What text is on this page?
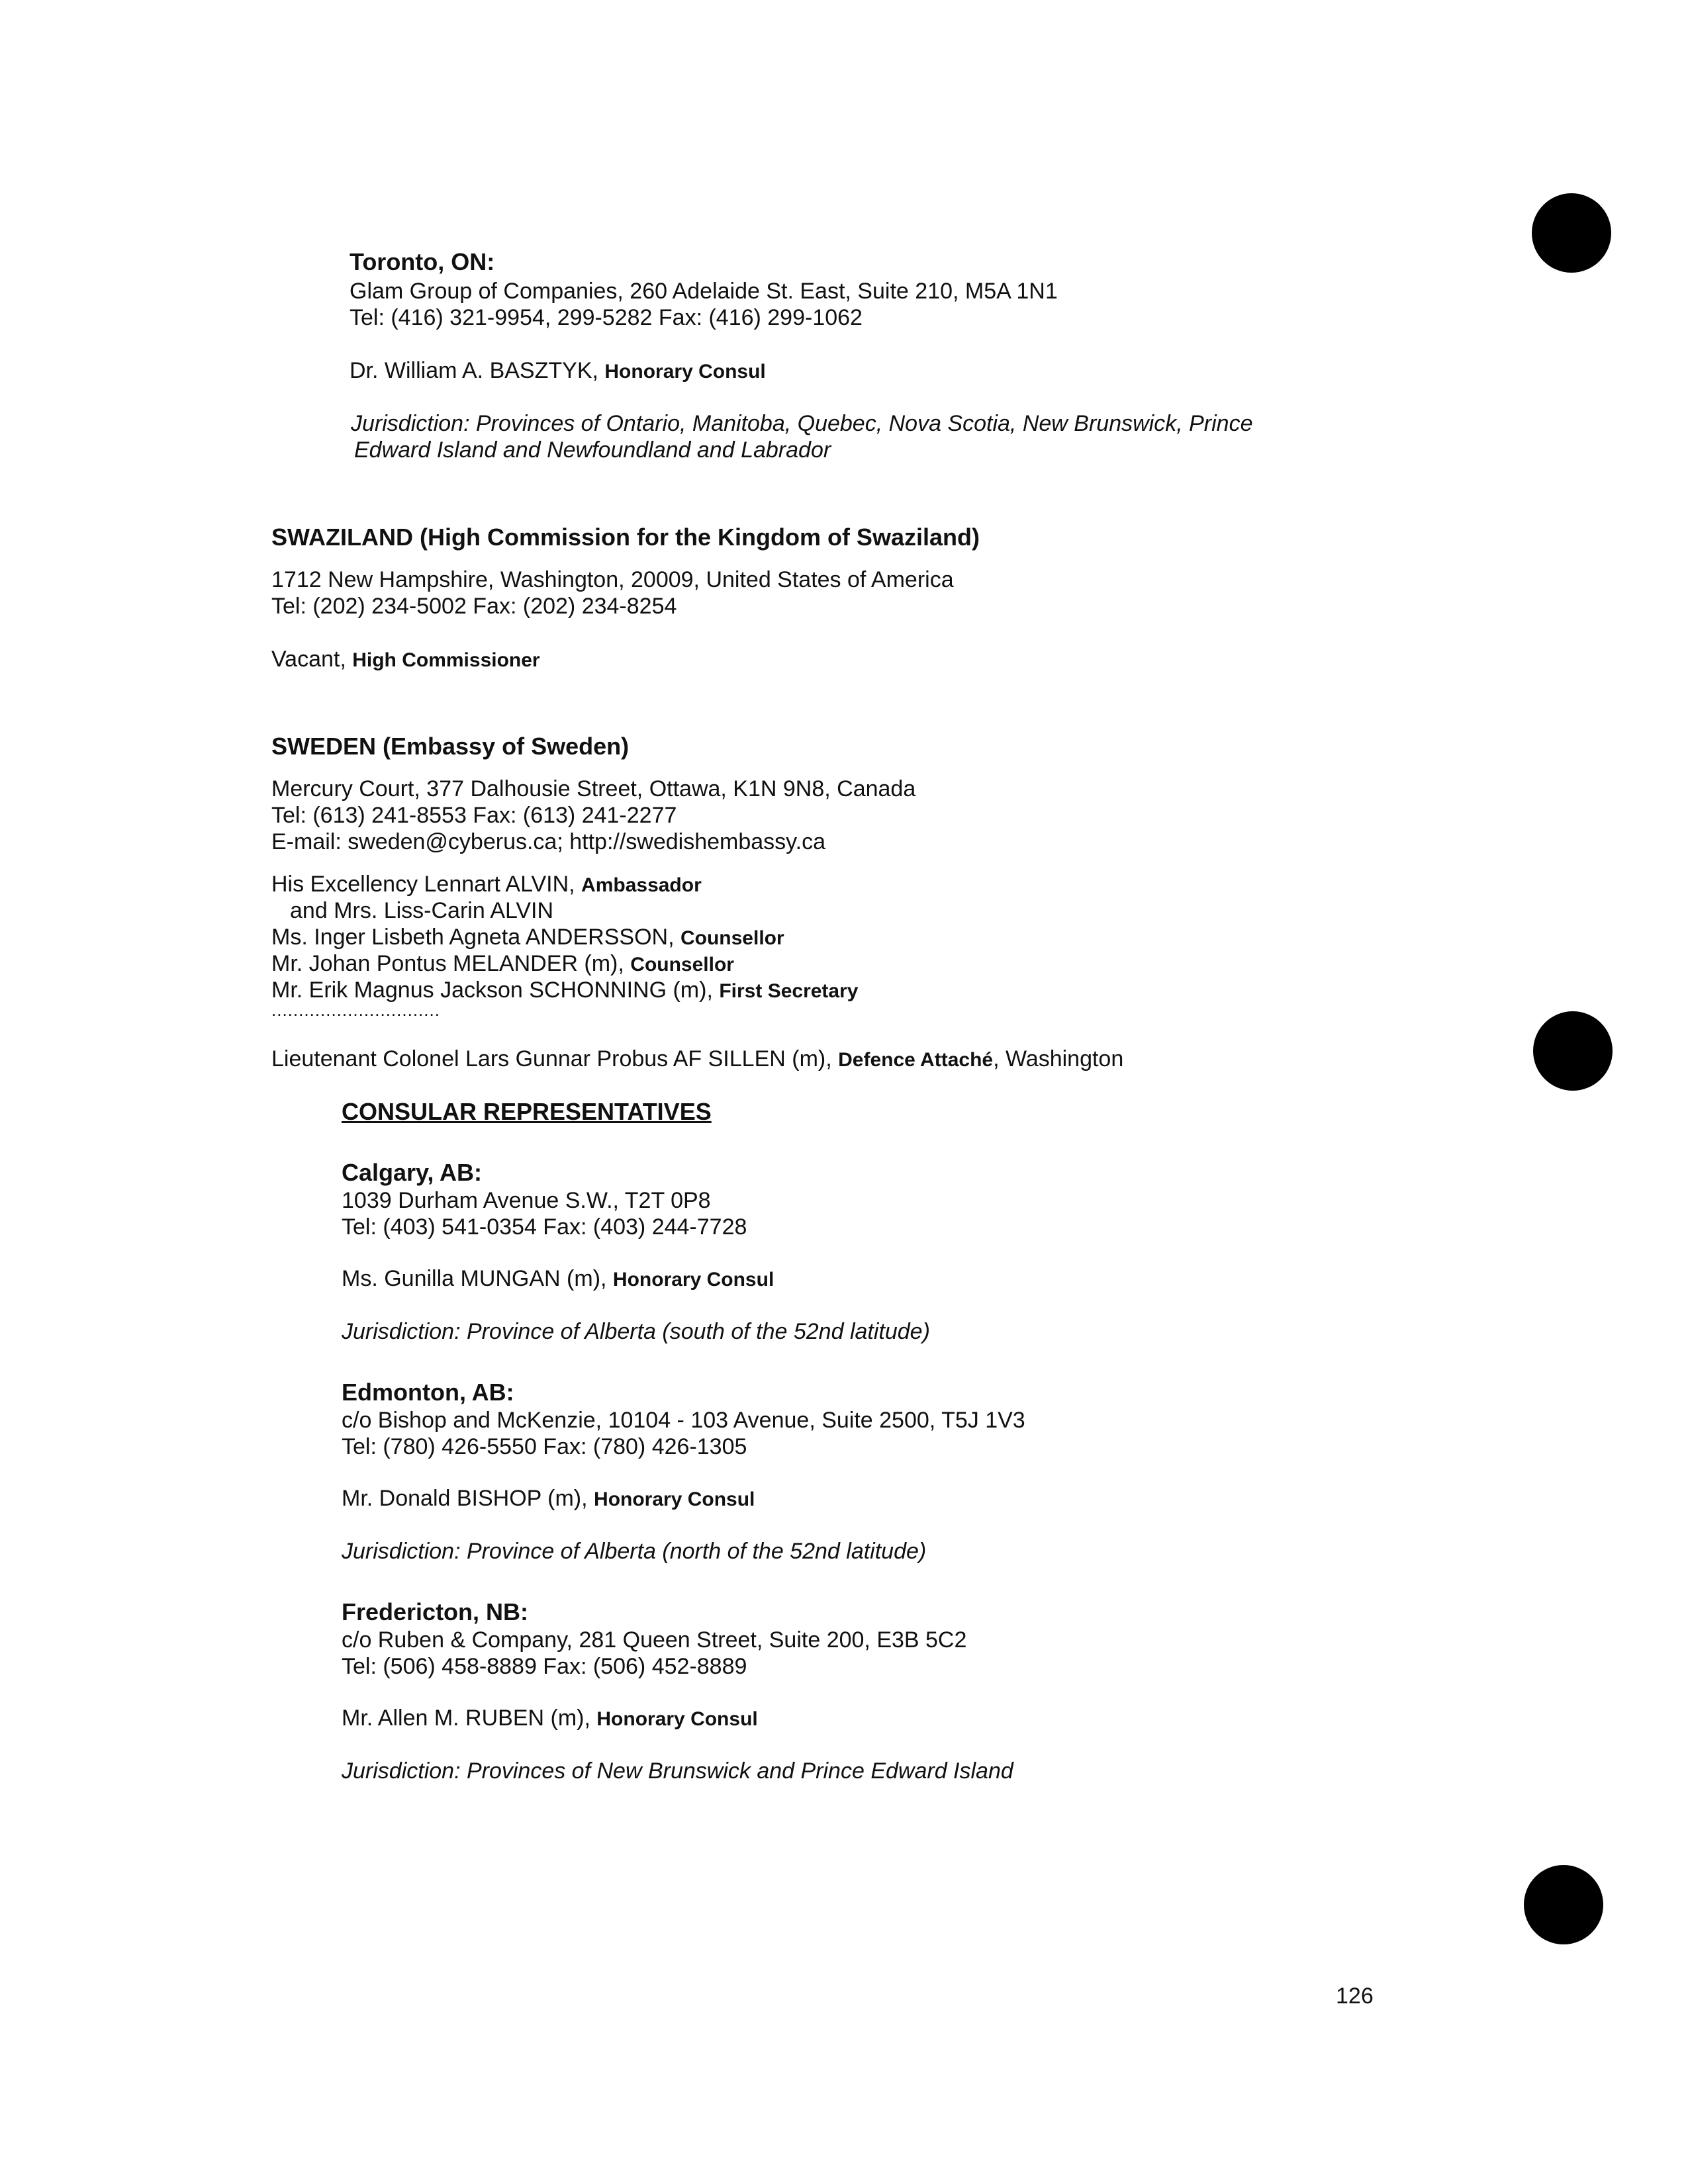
Toronto, ON:
Glam Group of Companies, 260 Adelaide St. East, Suite 210, M5A 1N1
Tel: (416) 321-9954, 299-5282 Fax: (416) 299-1062
Dr. William A. BASZTYK, Honorary Consul
Jurisdiction: Provinces of Ontario, Manitoba, Quebec, Nova Scotia, New Brunswick, Prince
Edward Island and Newfoundland and Labrador
SWAZILAND (High Commission for the Kingdom of Swaziland)
1712 New Hampshire, Washington, 20009, United States of America
Tel: (202) 234-5002 Fax: (202) 234-8254
Vacant, High Commissioner
SWEDEN (Embassy of Sweden)
Mercury Court, 377 Dalhousie Street, Ottawa, K1N 9N8, Canada
Tel: (613) 241-8553 Fax: (613) 241-2277
E-mail: sweden@cyberus.ca; http://swedishembassy.ca
His Excellency Lennart ALVIN, Ambassador
and Mrs. Liss-Carin ALVIN
Ms. Inger Lisbeth Agneta ANDERSSON, Counsellor
Mr. Johan Pontus MELANDER (m), Counsellor
Mr. Erik Magnus Jackson SCHONNING (m), First Secretary
...............................
Lieutenant Colonel Lars Gunnar Probus AF SILLEN (m), Defence Attaché, Washington
CONSULAR REPRESENTATIVES
Calgary, AB:
1039 Durham Avenue S.W., T2T 0P8
Tel: (403) 541-0354 Fax: (403) 244-7728
Ms. Gunilla MUNGAN (m), Honorary Consul
Jurisdiction: Province of Alberta (south of the 52nd latitude)
Edmonton, AB:
c/o Bishop and McKenzie, 10104 - 103 Avenue, Suite 2500, T5J 1V3
Tel: (780) 426-5550 Fax: (780) 426-1305
Mr. Donald BISHOP (m), Honorary Consul
Jurisdiction: Province of Alberta (north of the 52nd latitude)
Fredericton, NB:
c/o Ruben & Company, 281 Queen Street, Suite 200, E3B 5C2
Tel: (506) 458-8889 Fax: (506) 452-8889
Mr. Allen M. RUBEN (m), Honorary Consul
Jurisdiction: Provinces of New Brunswick and Prince Edward Island
126
